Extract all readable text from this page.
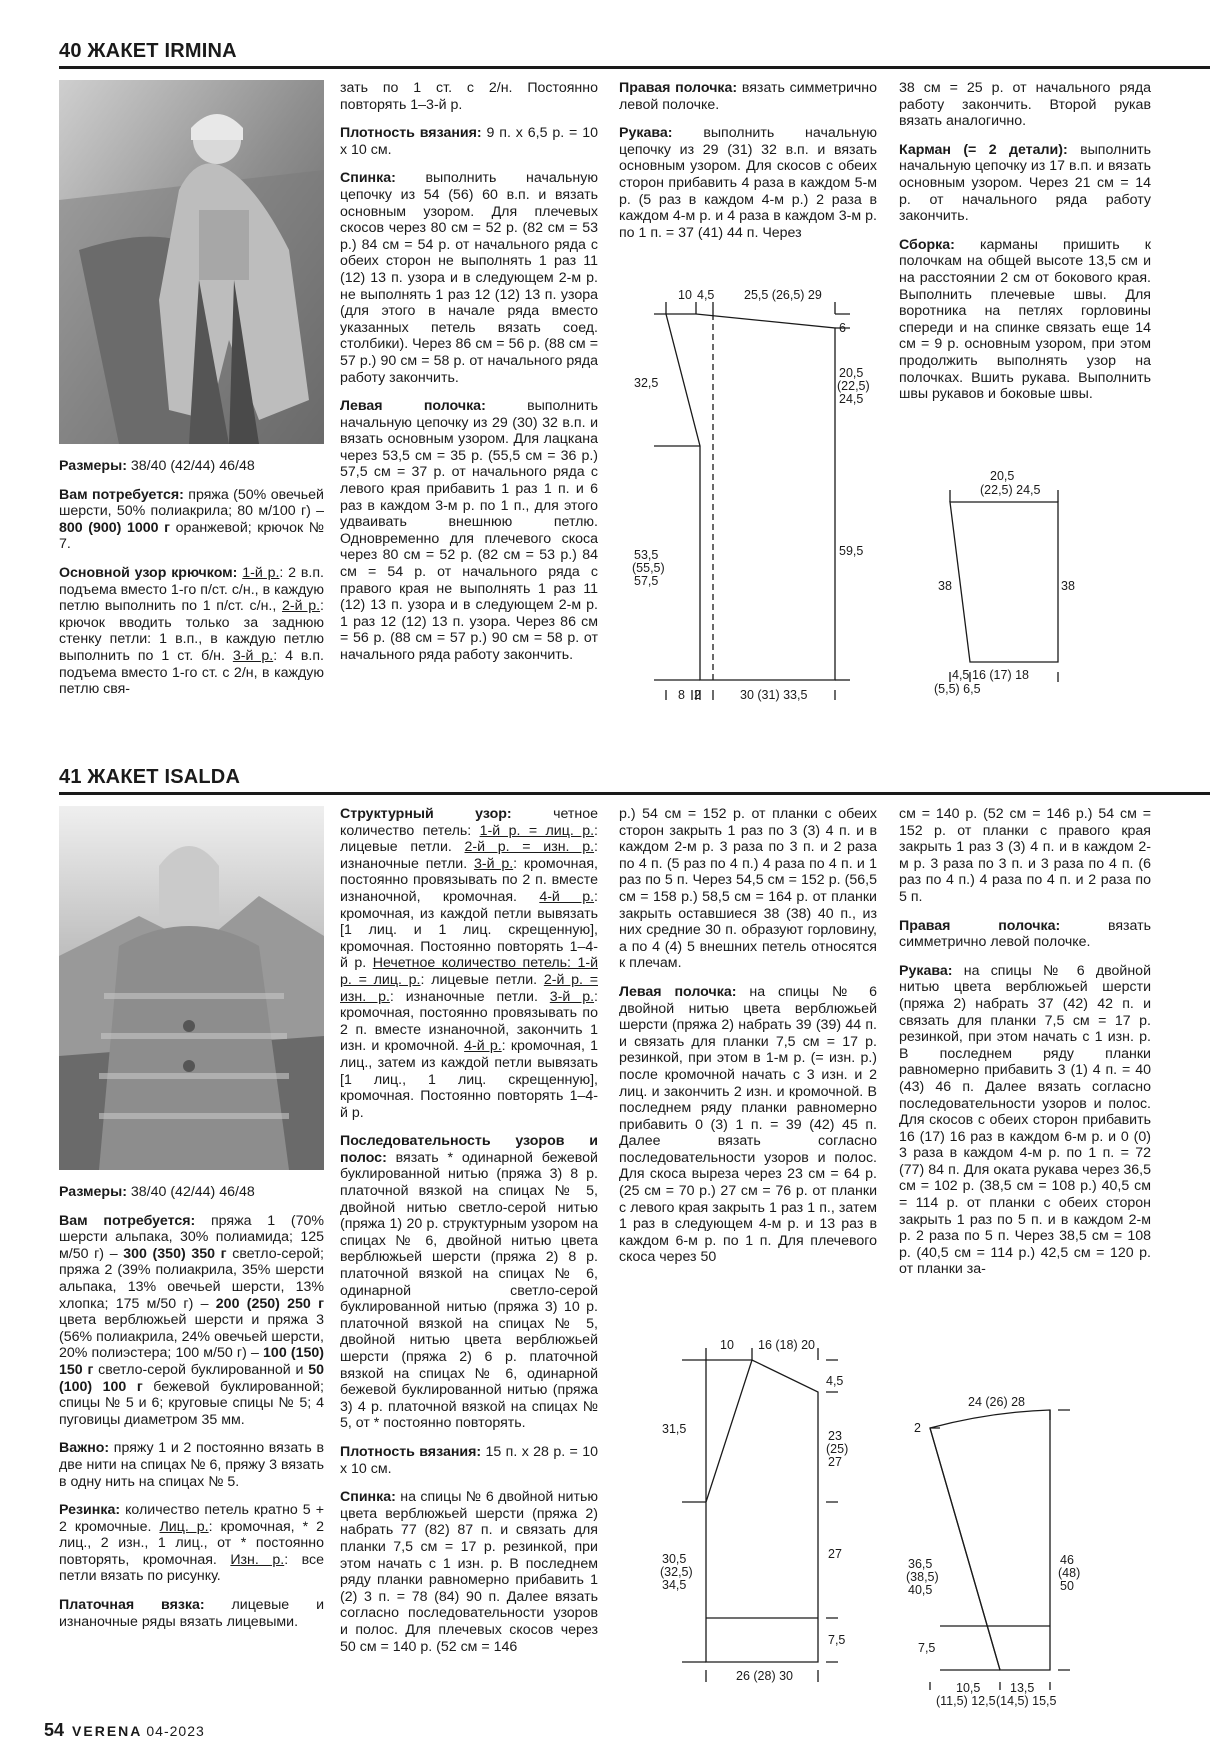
40 ЖАКЕТ IRMINA

Размеры: 38/40 (42/44) 46/48

Вам потребуется: пряжа (50% овечьей шерсти, 50% полиакрила; 80 м/100 г) – 800 (900) 1000 г оранжевой; крючок № 7.

Основной узор крючком: 1-й р.: 2 в.п. подъема вместо 1-го п/ст. с/н., в каждую петлю выполнить по 1 п/ст. с/н., 2-й р.: крючок вводить только за заднюю стенку петли: 1 в.п., в каждую петлю выполнить по 1 ст. б/н. 3-й р.: 4 в.п. подъема вместо 1-го ст. с 2/н, в каждую петлю свя-

зать по 1 ст. с 2/н. Постоянно повторять 1–3-й р.

Плотность вязания: 9 п. х 6,5 р. = 10 х 10 см.

Спинка: выполнить начальную цепочку из 54 (56) 60 в.п. и вязать основным узором. Для плечевых скосов через 80 см = 52 р. (82 см = 53 р.) 84 см = 54 р. от начального ряда с обеих сторон не выполнять 1 раз 11 (12) 13 п. узора и в следующем 2-м р. не выполнять 1 раз 12 (12) 13 п. узора (для этого в начале ряда вместо указанных петель вязать соед. столбики). Через 86 см = 56 р. (88 см = 57 р.) 90 см = 58 р. от начального ряда работу закончить.

Левая полочка: выполнить начальную цепочку из 29 (30) 32 в.п. и вязать основным узором. Для лацкана через 53,5 см = 35 р. (55,5 см = 36 р.) 57,5 см = 37 р. от начального ряда с левого края прибавить 1 раз 1 п. и 6 раз в каждом 3-м р. по 1 п., для этого удваивать внешнюю петлю. Одновременно для плечевого скоса через 80 см = 52 р. (82 см = 53 р.) 84 см = 54 р. от начального ряда с правого края не выполнять 1 раз 11 (12) 13 п. узора и в следующем 2-м р. 1 раз 12 (12) 13 п. узора. Через 86 см = 56 р. (88 см = 57 р.) 90 см = 58 р. от начального ряда работу закончить.

Правая полочка: вязать симметрично левой полочке.

Рукава: выполнить начальную цепочку из 29 (31) 32 в.п. и вязать основным узором. Для скосов с обеих сторон прибавить 4 раза в каждом 5-м р. (5 раз в каждом 4-м р.) 2 раза в каждом 4-м р. и 4 раза в каждом 3-м р. по 1 п. = 37 (41) 44 п. Через

38 см = 25 р. от начального ряда работу закончить. Второй рукав вязать аналогично.

Карман (= 2 детали): выполнить начальную цепочку из 17 в.п. и вязать основным узором. Через 21 см = 14 р. от начального ряда работу закончить.

Сборка: карманы пришить к полочкам на общей высоте 13,5 см и на расстоянии 2 см от бокового края. Выполнить плечевые швы. Для воротника на петлях горловины спереди и на спинке связать еще 14 см = 9 р. основным узором, при этом продолжить выполнять узор на полочках. Вшить рукава. Выполнить швы рукавов и боковые швы.

10 4,5 25,5 (26,5) 29
6
32,5
20,5
(22,5)
24,5
53,5
(55,5)
57,5
59,5
8 2	30 (31) 33,5
20,5
(22,5) 24,5
38	38
4,5 16 (17) 18
(5,5) 6,5
41 ЖАКЕТ ISALDA

Размеры: 38/40 (42/44) 46/48

Вам потребуется: пряжа 1 (70% шерсти альпака, 30% полиамида; 125 м/50 г) – 300 (350) 350 г светло-серой; пряжа 2 (39% полиакрила, 35% шерсти альпака, 13% овечьей шерсти, 13% хлопка; 175 м/50 г) – 200 (250) 250 г цвета верблюжьей шерсти и пряжа 3 (56% полиакрила, 24% овечьей шерсти, 20% полиэстера; 100 м/50 г) – 100 (150) 150 г светло-серой буклированной и 50 (100) 100 г бежевой буклированной; спицы № 5 и 6; круговые спицы № 5; 4 пуговицы диаметром 35 мм.

Важно: пряжу 1 и 2 постоянно вязать в две нити на спицах № 6, пряжу 3 вязать в одну нить на спицах № 5.

Резинка: количество петель кратно 5 + 2 кромочные. Лиц. р.: кромочная, * 2 лиц., 2 изн., 1 лиц., от * постоянно повторять, кромочная. Изн. р.: все петли вязать по рисунку.

Платочная вязка: лицевые и изнаночные ряды вязать лицевыми.

Структурный узор: четное количество петель: 1-й р. = лиц. р.: лицевые петли. 2-й р. = изн. р.: изнаночные петли. 3-й р.: кромочная, постоянно провязывать по 2 п. вместе изнаночной, кромочная. 4-й р.: кромочная, из каждой петли вывязать [1 лиц. и 1 лиц. скрещенную], кромочная. Постоянно повторять 1–4-й р. Нечетное количество петель: 1-й р. = лиц. р.: лицевые петли. 2-й р. = изн. р.: изнаночные петли. 3-й р.: кромочная, постоянно провязывать по 2 п. вместе изнаночной, закончить 1 изн. и кромочной. 4-й р.: кромочная, 1 лиц., затем из каждой петли вывязать [1 лиц., 1 лиц. скрещенную], кромочная. Постоянно повторять 1–4-й р.

Последовательность узоров и полос: вязать * одинарной бежевой буклированной нитью (пряжа 3) 8 р. платочной вязкой на спицах № 5, двойной нитью светло-серой нитью (пряжа 1) 20 р. структурным узором на спицах № 6, двойной нитью цвета верблюжьей шерсти (пряжа 2) 8 р. платочной вязкой на спицах № 6, одинарной светло-серой буклированной нитью (пряжа 3) 10 р. платочной вязкой на спицах № 5, двойной нитью цвета верблюжьей шерсти (пряжа 2) 6 р. платочной вязкой на спицах № 6, одинарной бежевой буклированной нитью (пряжа 3) 4 р. платочной вязкой на спицах № 5, от * постоянно повторять.

Плотность вязания: 15 п. х 28 р. = 10 х 10 см.

Спинка: на спицы № 6 двойной нитью цвета верблюжьей шерсти (пряжа 2) набрать 77 (82) 87 п. и связать для планки 7,5 см = 17 р. резинкой, при этом начать с 1 изн. р. В последнем ряду планки равномерно прибавить 1 (2) 3 п. = 78 (84) 90 п. Далее вязать согласно последовательности узоров и полос. Для плечевых скосов через 50 см = 140 р. (52 см = 146

р.) 54 см = 152 р. от планки с обеих сторон закрыть 1 раз по 3 (3) 4 п. и в каждом 2-м р. 3 раза по 3 п. и 2 раза по 4 п. (5 раз по 4 п.) 4 раза по 4 п. и 1 раз по 5 п. Через 54,5 см = 152 р. (56,5 см = 158 р.) 58,5 см = 164 р. от планки закрыть оставшиеся 38 (38) 40 п., из них средние 30 п. образуют горловину, а по 4 (4) 5 внешних петель относятся к плечам.

Левая полочка: на спицы № 6 двойной нитью цвета верблюжьей шерсти (пряжа 2) набрать 39 (39) 44 п. и связать для планки 7,5 см = 17 р. резинкой, при этом в 1-м р. (= изн. р.) после кромочной начать с 3 изн. и 2 лиц. и закончить 2 изн. и кромочной. В последнем ряду планки равномерно прибавить 0 (3) 1 п. = 39 (42) 45 п. Далее вязать согласно последовательности узоров и полос. Для скоса выреза через 23 см = 64 р. (25 см = 70 р.) 27 см = 76 р. от планки с левого края закрыть 1 раз 1 п., затем 1 раз в следующем 4-м р. и 13 раз в каждом 6-м р. по 1 п. Для плечевого скоса через 50

см = 140 р. (52 см = 146 р.) 54 см = 152 р. от планки с правого края закрыть 1 раз 3 (3) 4 п. и в каждом 2-м р. 3 раза по 3 п. и 3 раза по 4 п. (6 раз по 4 п.) 4 раза по 4 п. и 2 раза по 5 п.

Правая полочка: вязать симметрично левой полочке.

Рукава: на спицы № 6 двойной нитью цвета верблюжьей шерсти (пряжа 2) набрать 37 (42) 42 п. и связать для планки 7,5 см = 17 р. резинкой, при этом начать с 1 изн. р. В последнем ряду планки равномерно прибавить 3 (1) 4 п. = 40 (43) 46 п. Далее вязать согласно последовательности узоров и полос. Для скосов с обеих сторон прибавить 16 (17) 16 раз в каждом 6-м р. и 0 (0) 3 раза в каждом 4-м р. по 1 п. = 72 (77) 84 п. Для оката рукава через 36,5 см = 102 р. (38,5 см = 108 р.) 40,5 см = 114 р. от планки с обеих сторон закрыть 1 раз по 5 п. и в каждом 2-м р. 2 раза по 5 п. Через 38,5 см = 108 р. (40,5 см = 114 р.) 42,5 см = 120 р. от планки за-

10 16 (18) 20
4,5
31,5	23
(25)
27
27
30,5
(32,5)
34,5
7,5
26 (28) 30
24 (26) 28
2
36,5
(38,5)
40,5
46
(48)
50
7,5
10,5
(11,5) 12,5
13,5
(14,5) 15,5
54 VERENA 04-2023
